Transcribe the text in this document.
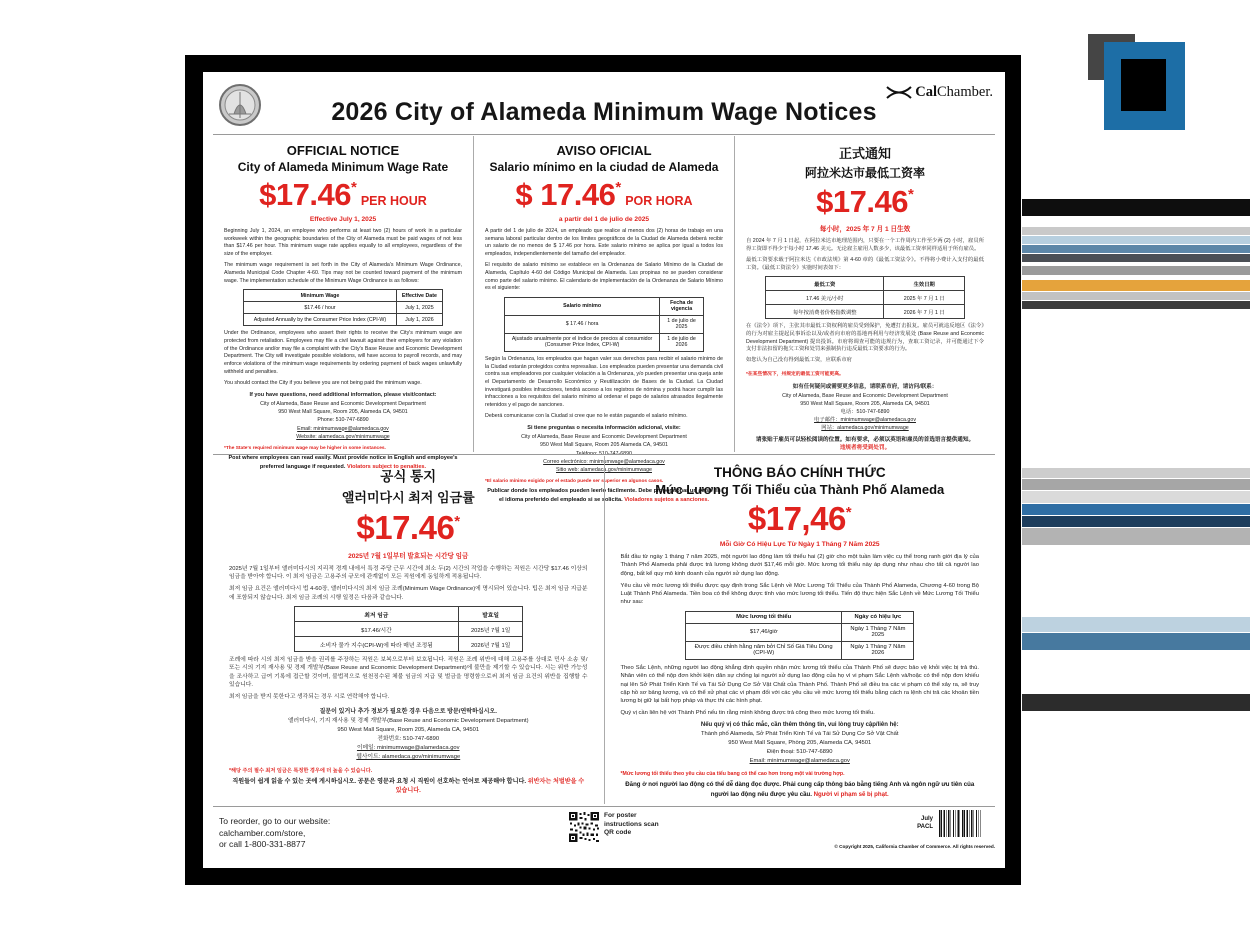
2026 City of Alameda Minimum Wage Notices
CalChamber.
OFFICIAL NOTICE
City of Alameda Minimum Wage Rate
$17.46*PER HOUR
Effective July 1, 2025

Beginning July 1, 2024, an employee who performs at least two (2) hours of work in a particular workweek within the geographic boundaries of the City of Alameda must be paid wages of not less than $17.46 per hour. This minimum wage rate applies equally to all employees, regardless of the size of the employer.

The minimum wage requirement is set forth in the City of Alameda's Minimum Wage Ordinance, Alameda Municipal Code Chapter 4-60. Tips may not be counted toward payment of the minimum wage. The implementation schedule of the Minimum Wage Ordinance is as follows:

Minimum Wage	Effective Date
$17.46 / hour	July 1, 2025
Adjusted Annually by the Consumer Price Index (CPI-W)	July 1, 2026

Under the Ordinance, employees who assert their rights to receive the City's minimum wage are protected from retaliation. Employees may file a civil lawsuit against their employers for any violation of the Ordinance and/or may file a complaint with the City's Base Reuse and Economic Development Department. The City will investigate possible violations, will have access to payroll records, and may enforce violations of the minimum wage requirements by ordering payment of back wages unlawfully withheld and penalties.

You should contact the City if you believe you are not being paid the minimum wage.

If you have questions, need additional information, please visit/contact:

City of Alameda, Base Reuse and Economic Development Department
950 West Mall Square, Room 205, Alameda CA, 94501
Phone: 510-747-6890
Email: minimumwage@alamedaca.gov
Website: alamedaca.gov/minimumwage

*The State's required minimum wage may be higher in some instances.

Post where employees can read easily. Must provide notice in English and employee's preferred language if requested. Violators subject to penalties.

AVISO OFICIAL
Salario mínimo en la ciudad de Alameda
$ 17.46*POR HORA
a partir del 1 de julio de 2025

A partir del 1 de julio de 2024, un empleado que realice al menos dos (2) horas de trabajo en una semana laboral particular dentro de los límites geográficos de la Ciudad de Alameda deberá recibir un salario de no menos de $ 17.46 por hora. Este salario mínimo se aplica por igual a todos los empleados, independientemente del tamaño del empleador.

El requisito de salario mínimo se establece en la Ordenanza de Salario Mínimo de la Ciudad de Alameda, Capítulo 4-60 del Código Municipal de Alameda. Las propinas no se pueden considerar como parte del salario mínimo. El calendario de implementación de la Ordenanza de Salario Mínimo es el siguiente:

Salario mínimo	Fecha de vigencia
$ 17.46 / hora	1 de julio de 2025
Ajustado anualmente por el índice de precios al consumidor (Consumer Price Index, CPI-W)	1 de julio de 2026

Según la Ordenanza, los empleados que hagan valer sus derechos para recibir el salario mínimo de la Ciudad estarán protegidos contra represalias. Los empleados pueden presentar una demanda civil contra sus empleadores por cualquier violación a la Ordenanza, y/o pueden presentar una queja ante el Departamento de Desarrollo Económico y Reutilización de Bases de la Ciudad. La Ciudad investigará posibles infracciones, tendrá acceso a los registros de nómina y podrá hacer cumplir las infracciones a los requisitos del salario mínimo al ordenar el pago de salarios atrasados ilegalmente retenidos y el pago de sanciones.

Deberá comunicarse con la Ciudad si cree que no le están pagando el salario mínimo.

Si tiene preguntas o necesita información adicional, visite:

City of Alameda, Base Reuse and Economic Development Department
950 West Mall Square, Room 205 Alameda CA, 94501
Teléfono: 510-747-6890
Correo electrónico: minimumwage@alamedaca.gov
Sitio web: alamedaca.gov/minimumwage

*El salario mínimo exigido por el estado puede ser superior en algunos casos.

Publicar donde los empleados pueden leerlo fácilmente. Debe proporcionar un aviso en el idioma preferido del empleado si se solicita. Violadores sujetos a sanciones.

正式通知
阿拉米达市最低工资率
$17.46*
每小时，2025 年 7 月 1 日生效

自 2024 年 7 月 1 日起，在阿拉米达市地理范围内，只要在一个工作周内工作至少两 (2) 小时，雇员所得工资即不得少于每小时 17.46 美元。无论雇主雇用人数多少，该最低工资率同样适用于所有雇员。

最低工资要求载于阿拉米达《市政法规》第 4-60 章的《最低工资法令》。不得将小费计入支付的最低工资。《最低工资法令》实施时间表如下：

最低工资	生效日期
17.46 美元/小时	2025 年 7 月 1 日
每年按消费者价格指数调整	2026 年 7 月 1 日

在《法令》项下，主张其市最低工资权利的雇员受到保护，免遭打击报复。雇员可就违反地区《法令》的行为对雇主提起民事诉讼以及/或者向市府的基地再利用与经济发展处 (Base Reuse and Economic Development Department) 提出投诉。市府将调查可能的违规行为，查取工资记录，并可能通过下令支付非法扣留的拖欠工资和处罚来强制执行违反最低工资要求的行为。

如您认为自己没有得到最低工资，应联系市府

*在某些情况下，州规定的最低工资可能更高。

如有任何疑问或需要更多信息，请联系市府，请访问/联系：

City of Alameda, Base Reuse and Economic Development Department
950 West Mall Square, Room 205, Alameda CA, 94501
电话：510-747-6890
电子邮件：minimumwage@alamedaca.gov
网站：alamedaca.gov/minimumwage

请张贴于雇员可以轻松阅读的位置。如有要求，必须以英语和雇员的首选语言提供通知。
违规者将受到处罚。

공식 통지
앨러미다시 최저 임금률
$17.46*
2025년 7월 1일부터 발효되는 시간당 임금

2025년 7월 1일부터 앨러미다시의 지리적 경계 내에서 특정 주당 근무 시간에 최소 두(2) 시간의 작업을 수행하는 직원은 시간당 $17.46 이상의 임금을 받아야 합니다. 이 최저 임금은 고용주의 규모에 관계없이 모든 직원에게 동일하게 적용됩니다.

최저 임금 요건은 앨러미다시 법 4-60장, 앨러미다시의 최저 임금 조례(Minimum Wage Ordinance)에 명시되어 있습니다. 팁은 최저 임금 지급분에 포함되지 않습니다. 최저 임금 조례의 시행 일정은 다음과 같습니다.

최저 임금	발효일
$17.46/시간	2025년 7월 1일
소비자 물가 지수(CPI-W)에 따라 매년 조정됨	2026년 7월 1일

조례에 따라 시의 최저 임금을 받을 권리를 주장하는 직원은 보복으로부터 보호됩니다. 직원은 조례 위반에 대해 고용주를 상대로 민사 소송 및/또는 시의 기지 재사용 및 경제 개발부(Base Reuse and Economic Development Department)에 불만을 제기할 수 있습니다. 시는 위반 가능성을 조사하고 급여 기록에 접근할 것이며, 불법적으로 원천징수된 체불 임금의 지급 및 벌금을 명령함으로써 최저 임금 요건의 위반을 집행할 수 있습니다.

최저 임금을 받지 못한다고 생각되는 경우 시로 연락해야 합니다.

질문이 있거나 추가 정보가 필요한 경우 다음으로 방문/연락하십시오.

앨러미다시, 기지 재사용 및 경제 개발부(Base Reuse and Economic Development Department)
950 West Mall Square, Room 205, Alameda CA, 94501
전화번호: 510-747-6890
이메일: minimumwage@alamedaca.gov
웹사이트: alamedaca.gov/minimumwage

*해당 주의 필수 최저 임금은 특정한 경우에 더 높을 수 있습니다.

직원들이 쉽게 읽을 수 있는 곳에 게시하십시오. 공문은 영문과 요청 시 직원이 선호하는 언어로 제공해야 합니다. 위반자는 처벌받을 수 있습니다.

THÔNG BÁO CHÍNH THỨC
Mức Lương Tối Thiểu của Thành Phố Alameda
$17,46*
Mỗi Giờ Có Hiệu Lực Từ Ngày 1 Tháng 7 Năm 2025

Bắt đầu từ ngày 1 tháng 7 năm 2025, một người lao động làm tối thiểu hai (2) giờ cho một tuần làm việc cụ thể trong ranh giới địa lý của Thành Phố Alameda phải được trả lương không dưới $17,46 mỗi giờ. Mức lương tối thiểu này áp dụng như nhau cho tất cả người lao động, bất kể quy mô kinh doanh của người sử dụng lao động.

Yêu cầu về mức lương tối thiểu được quy định trong Sắc Lệnh về Mức Lương Tối Thiểu của Thành Phố Alameda, Chương 4-60 trong Bộ Luật Thành Phố Alameda. Tiền boa có thể không được tính vào mức lương tối thiểu. Tiến độ thực hiện Sắc Lệnh về Mức Lương Tối Thiểu như sau:

Mức lương tối thiểu	Ngày có hiệu lực
$17,46/giờ	Ngày 1 Tháng 7 Năm 2025
Được điều chỉnh hằng năm bởi Chỉ Số Giá Tiêu Dùng (CPI-W)	Ngày 1 Tháng 7 Năm 2026

Theo Sắc Lệnh, những người lao động khẳng định quyền nhận mức lương tối thiểu của Thành Phố sẽ được bảo vệ khỏi việc bị trả thù. Nhân viên có thể nộp đơn khởi kiện dân sự chống lại người sử dụng lao động của họ vì vi phạm Sắc Lệnh và/hoặc có thể nộp đơn khiếu nại lên Sở Phát Triển Kinh Tế và Tái Sử Dụng Cơ Sở Vật Chất của Thành Phố. Thành Phố sẽ điều tra các vi phạm có thể xảy ra, sẽ truy cập hồ sơ bảng lương, và có thể xử phạt các vi phạm đối với các yêu cầu về mức lương tối thiểu bằng cách ra lệnh chi trả các khoản tiền lương bị giữ lại bất hợp pháp và thực thi các hình phạt.

Quý vị cần liên hệ với Thành Phố nếu tin rằng mình không được trả công theo mức lương tối thiểu.

Nếu quý vị có thắc mắc, cần thêm thông tin, vui lòng truy cập/liên hệ:

Thành phố Alameda, Sở Phát Triển Kinh Tế và Tái Sử Dụng Cơ Sở Vật Chất
950 West Mall Square, Phòng 205, Alameda CA, 94501
Điện thoại: 510-747-6890
Email: minimumwage@alamedaca.gov

*Mức lương tối thiểu theo yêu cầu của tiểu bang có thể cao hơn trong một vài trường hợp.

Đăng ở nơi người lao động có thể dễ dàng đọc được. Phải cung cấp thông báo bằng tiếng Anh và ngôn ngữ ưu tiên của người lao động nếu được yêu cầu. Người vi phạm sẽ bị phạt.

To reorder, go to our website:
calchamber.com/store,
or call 1-800-331-8877
For poster instructions scan QR code
July
PACL
© Copyright 2025, California Chamber of Commerce. All rights reserved.
